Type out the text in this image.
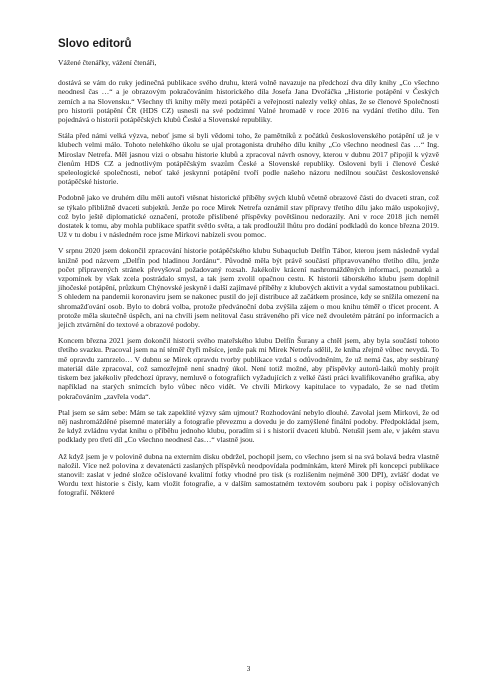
Slovo editorů

Vážené čtenářky, vážení čtenáři,

dostává se vám do ruky jedinečná publikace svého druhu, která volně navazuje na předchozí dva díly knihy „Co všechno neodnesl čas …“ a je obrazovým pokračováním historického díla Josefa Jana Dvořáčka „Historie potápění v Českých zemích a na Slovensku.“ Všechny tři knihy měly mezi potápěči a veřejností nalezly velký ohlas, že se členové Společnosti pro historii potápění ČR (HDS CZ) usnesli na své podzimní Valné hromadě v roce 2016 na vydání třetího dílu. Ten pojednává o historii potápěčských klubů České a Slovenské republiky.

Stála před námi velká výzva, neboť jsme si byli vědomi toho, že pamětníků z počátků československého potápění už je v klubech velmi málo. Tohoto nelehkého úkolu se ujal protagonista druhého dílu knihy „Co všechno neodnesl čas …“ Ing. Miroslav Netrefa. Měl jasnou vizi o obsahu historie klubů a zpracoval návrh osnovy, kterou v dubnu 2017 připojil k výzvě členům HDS CZ a jednotlivým potápěčským svazům České a Slovenské republiky. Osloveni byli i členové České speleologické společnosti, neboť také jeskynní potápění tvoří podle našeho názoru nedílnou součást československé potápěčské historie.

Podobně jako ve druhém dílu měli autoři vtěsnat historické příběhy svých klubů včetně obrazové části do dvaceti stran, což se týkalo přibližně dvaceti subjektů. Jenže po roce Mirek Netrefa oznámil stav přípravy třetího dílu jako málo uspokojivý, což bylo ještě diplomatické označení, protože přislíbené příspěvky povětšinou nedorazily. Ani v roce 2018 jich neměl dostatek k tomu, aby mohla publikace spatřit světlo světa, a tak prodloužil lhůtu pro dodání podkladů do konce března 2019. Už v tu dobu i v následném roce jsme Mirkovi nabízeli svou pomoc.

V srpnu 2020 jsem dokončil zpracování historie potápěčského klubu Subaquclub Delfín Tábor, kterou jsem následně vydal knižně pod názvem „Delfín pod hladinou Jordánu“. Původně měla být právě součástí připravovaného třetího dílu, jenže počet připravených stránek převyšoval požadovaný rozsah. Jakékoliv krácení nashromážděných informací, poznatků a vzpomínek by však zcela postrádalo smysl, a tak jsem zvolil opačnou cestu. K historii táborského klubu jsem doplnil jihočeské potápění, průzkum Chýnovské jeskyně i další zajímavé příběhy z klubových aktivit a vydal samostatnou publikaci. S ohledem na pandemii koronaviru jsem se nakonec pustil do její distribuce až začátkem prosince, kdy se snížila omezení na shromažďování osob. Bylo to dobrá volba, protože předvánoční doba zvýšila zájem o mou knihu téměř o třicet procent. A protože měla skutečně úspěch, ani na chvíli jsem nelitoval času stráveného při více než dvouletém pátrání po informacích a jejich ztvárnění do textové a obrazové podoby.

Koncem března 2021 jsem dokončil historii svého mateřského klubu Delfín Šurany a chtěl jsem, aby byla součástí tohoto třetího svazku. Pracoval jsem na ní téměř čtyři měsíce, jenže pak mi Mirek Netrefa sdělil, že kniha zřejmě vůbec nevydá. To mě opravdu zamrzelo… V dubnu se Mirek opravdu tvorby publikace vzdal s odůvodněním, že už nemá čas, aby sesbíraný materiál dále zpracoval, což samozřejmě není snadný úkol. Není totiž možné, aby příspěvky autorů-laiků mohly projít tiskem bez jakékoliv předchozí úpravy, nemluvě o fotografiích vyžadujících z velké části práci kvalifikovaného grafika, aby například na starých snímcích bylo vůbec něco vidět. Ve chvíli Mirkovy kapitulace to vypadalo, že se nad třetím pokračováním „zavřela voda“.

Ptal jsem se sám sebe: Mám se tak zapeklité výzvy sám ujmout? Rozhodování nebylo dlouhé. Zavolal jsem Mirkovi, že od něj nashromážděné písemné materiály a fotografie převezmu a dovedu je do zamýšlené finální podoby. Předpokládal jsem, že když zvládnu vydat knihu o příběhu jednoho klubu, poradím si i s historií dvaceti klubů. Netušil jsem ale, v jakém stavu podklady pro třetí díl „Co všechno neodnesl čas…“ vlastně jsou.

Až když jsem je v polovině dubna na externím disku obdržel, pochopil jsem, co všechno jsem si na svá bolavá bedra vlastně naložil. Více než polovina z devatenácti zaslaných příspěvků neodpovídala podmínkám, které Mirek při koncepci publikace stanovil: zaslat v jedné složce očíslované kvalitní fotky vhodné pro tisk (s rozlišením nejméně 300 DPI), zvlášť dodat ve Wordu text historie s čísly, kam vložit fotografie, a v dalším samostatném textovém souboru pak i popisy očíslovaných fotografií. Některé

3
